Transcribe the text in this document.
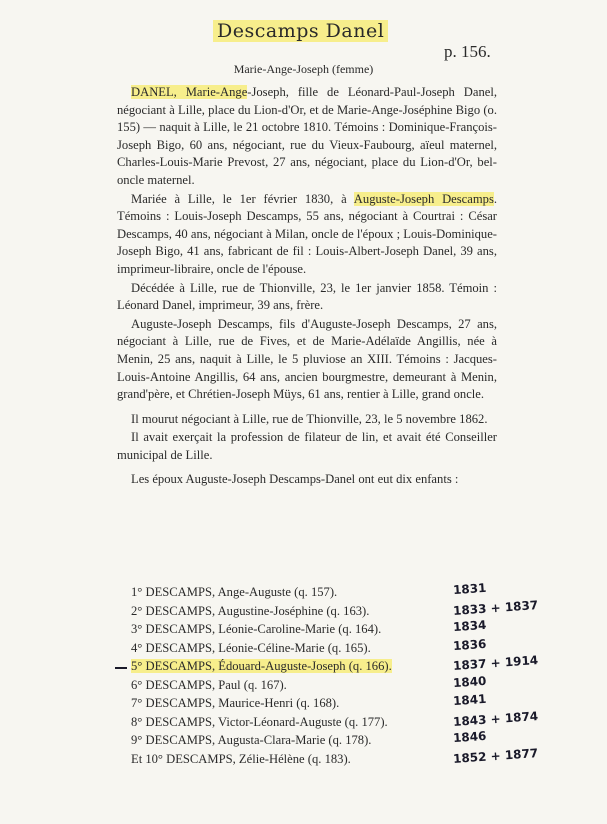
Descamps Danel
p. 156.
Marie-Ange-Joseph (femme)

DANEL, Marie-Ange-Joseph, fille de Léonard-Paul-Joseph Danel, négociant à Lille, place du Lion-d'Or, et de Marie-Ange-Joséphine Bigo (o. 155) — naquit à Lille, le 21 octobre 1810. Témoins : Dominique-François-Joseph Bigo, 60 ans, négociant, rue du Vieux-Faubourg, aïeul maternel, Charles-Louis-Marie Prevost, 27 ans, négociant, place du Lion-d'Or, bel-oncle maternel.

Mariée à Lille, le 1er février 1830, à Auguste-Joseph Descamps. Témoins : Louis-Joseph Descamps, 55 ans, négociant à Courtrai : César Descamps, 40 ans, négociant à Milan, oncle de l'époux ; Louis-Dominique-Joseph Bigo, 41 ans, fabricant de fil : Louis-Albert-Joseph Danel, 39 ans, imprimeur-libraire, oncle de l'épouse.

Décédée à Lille, rue de Thionville, 23, le 1er janvier 1858. Témoin : Léonard Danel, imprimeur, 39 ans, frère.

Auguste-Joseph Descamps, fils d'Auguste-Joseph Descamps, 27 ans, négociant à Lille, rue de Fives, et de Marie-Adélaïde Angillis, née à Menin, 25 ans, naquit à Lille, le 5 pluviose an XIII. Témoins : Jacques-Louis-Antoine Angillis, 64 ans, ancien bourgmestre, demeurant à Menin, grand'père, et Chrétien-Joseph Müys, 61 ans, rentier à Lille, grand oncle.

Il mourut négociant à Lille, rue de Thionville, 23, le 5 novembre 1862.

Il avait exerçait la profession de filateur de lin, et avait été Conseiller municipal de Lille.

Les époux Auguste-Joseph Descamps-Danel ont eut dix enfants :

1° DESCAMPS, Ange-Auguste (q. 157).	1831
2° DESCAMPS, Augustine-Joséphine (q. 163).	1833 + 1837
3° DESCAMPS, Léonie-Caroline-Marie (q. 164).	1834
4° DESCAMPS, Léonie-Céline-Marie (q. 165).	1836
5° DESCAMPS, Édouard-Auguste-Joseph (q. 166).	1837 + 1914
6° DESCAMPS, Paul (q. 167).	1840
7° DESCAMPS, Maurice-Henri (q. 168).	1841
8° DESCAMPS, Victor-Léonard-Auguste (q. 177).	1843 + 1874
9° DESCAMPS, Augusta-Clara-Marie (q. 178).	1846
Et 10° DESCAMPS, Zélie-Hélène (q. 183).	1852 + 1877
